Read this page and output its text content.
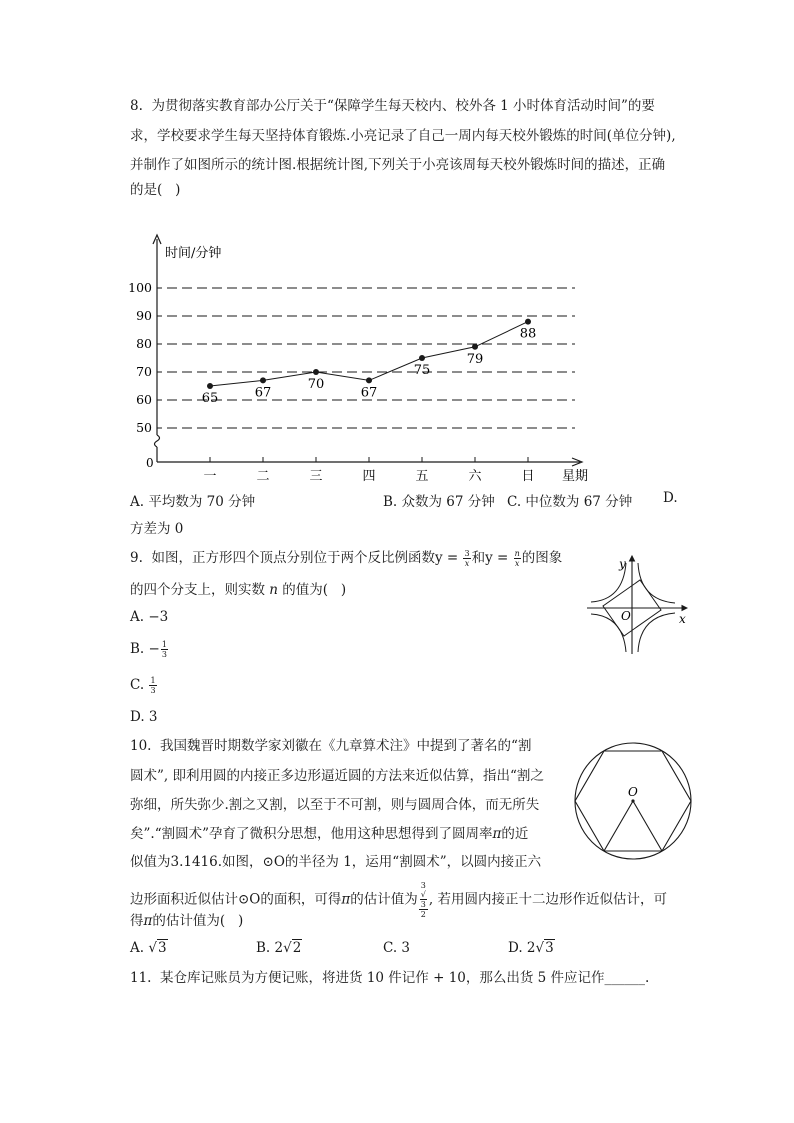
8.  为贯彻落实教育部办公厅关于“保障学生每天校内、校外各 1 小时体育活动时间”的要
求，学校要求学生每天坚持体育锻炼.小亮记录了自己一周内每天校外锻炼的时间(单位分钟),
并制作了如图所示的统计图.根据统计图,下列关于小亮该周每天校外锻炼时间的描述，正确
的是(   )
时间/分钟
星期
0
50
60
70
80
90
100
一	二	三	四	五	六	日
65	67
70
67
75
79
88
A. 平均数为 70 分钟	B. 众数为 67 分钟 C. 中位数为 67 分钟 D.
方差为 0
9.  如图，正方形四个顶点分别位于两个反比例函数$y = \frac{3}{x}$ 和$y = \frac{n}{x}$ 的图象
的四个分支上，则实数 n 的值为(   )
A. −3
B. − $\frac{1}{3}$
C. $\frac{1}{3}$
D. 3
y
x
O
10.  我国魏晋时期数学家刘徽在《九章算术注》中提到了著名的“割
圆术”, 即利用圆的内接正多边形逼近圆的方法来近似估算，指出“割之
弥细，所失弥少.割之又割，以至于不可割，则与圆周合体，而无所失
矣”.“割圆术”孕育了微积分思想，他用这种思想得到了圆周率π的近
似值为3.1416.如图，⊙O的半径为 1，运用“割圆术”，以圆内接正六
边形面积近似估计⊙O的面积，可得π的估计值为 3
√
3
2 , 若用圆内接正十二边形作近似估计，可
得π的估计值为(   )
A. √3	B. 2√2	C. 3	D. 2√3
O
11.  某仓库记账员为方便记账，将进货 10 件记作 + 10，那么出货 5 件应记作______.
